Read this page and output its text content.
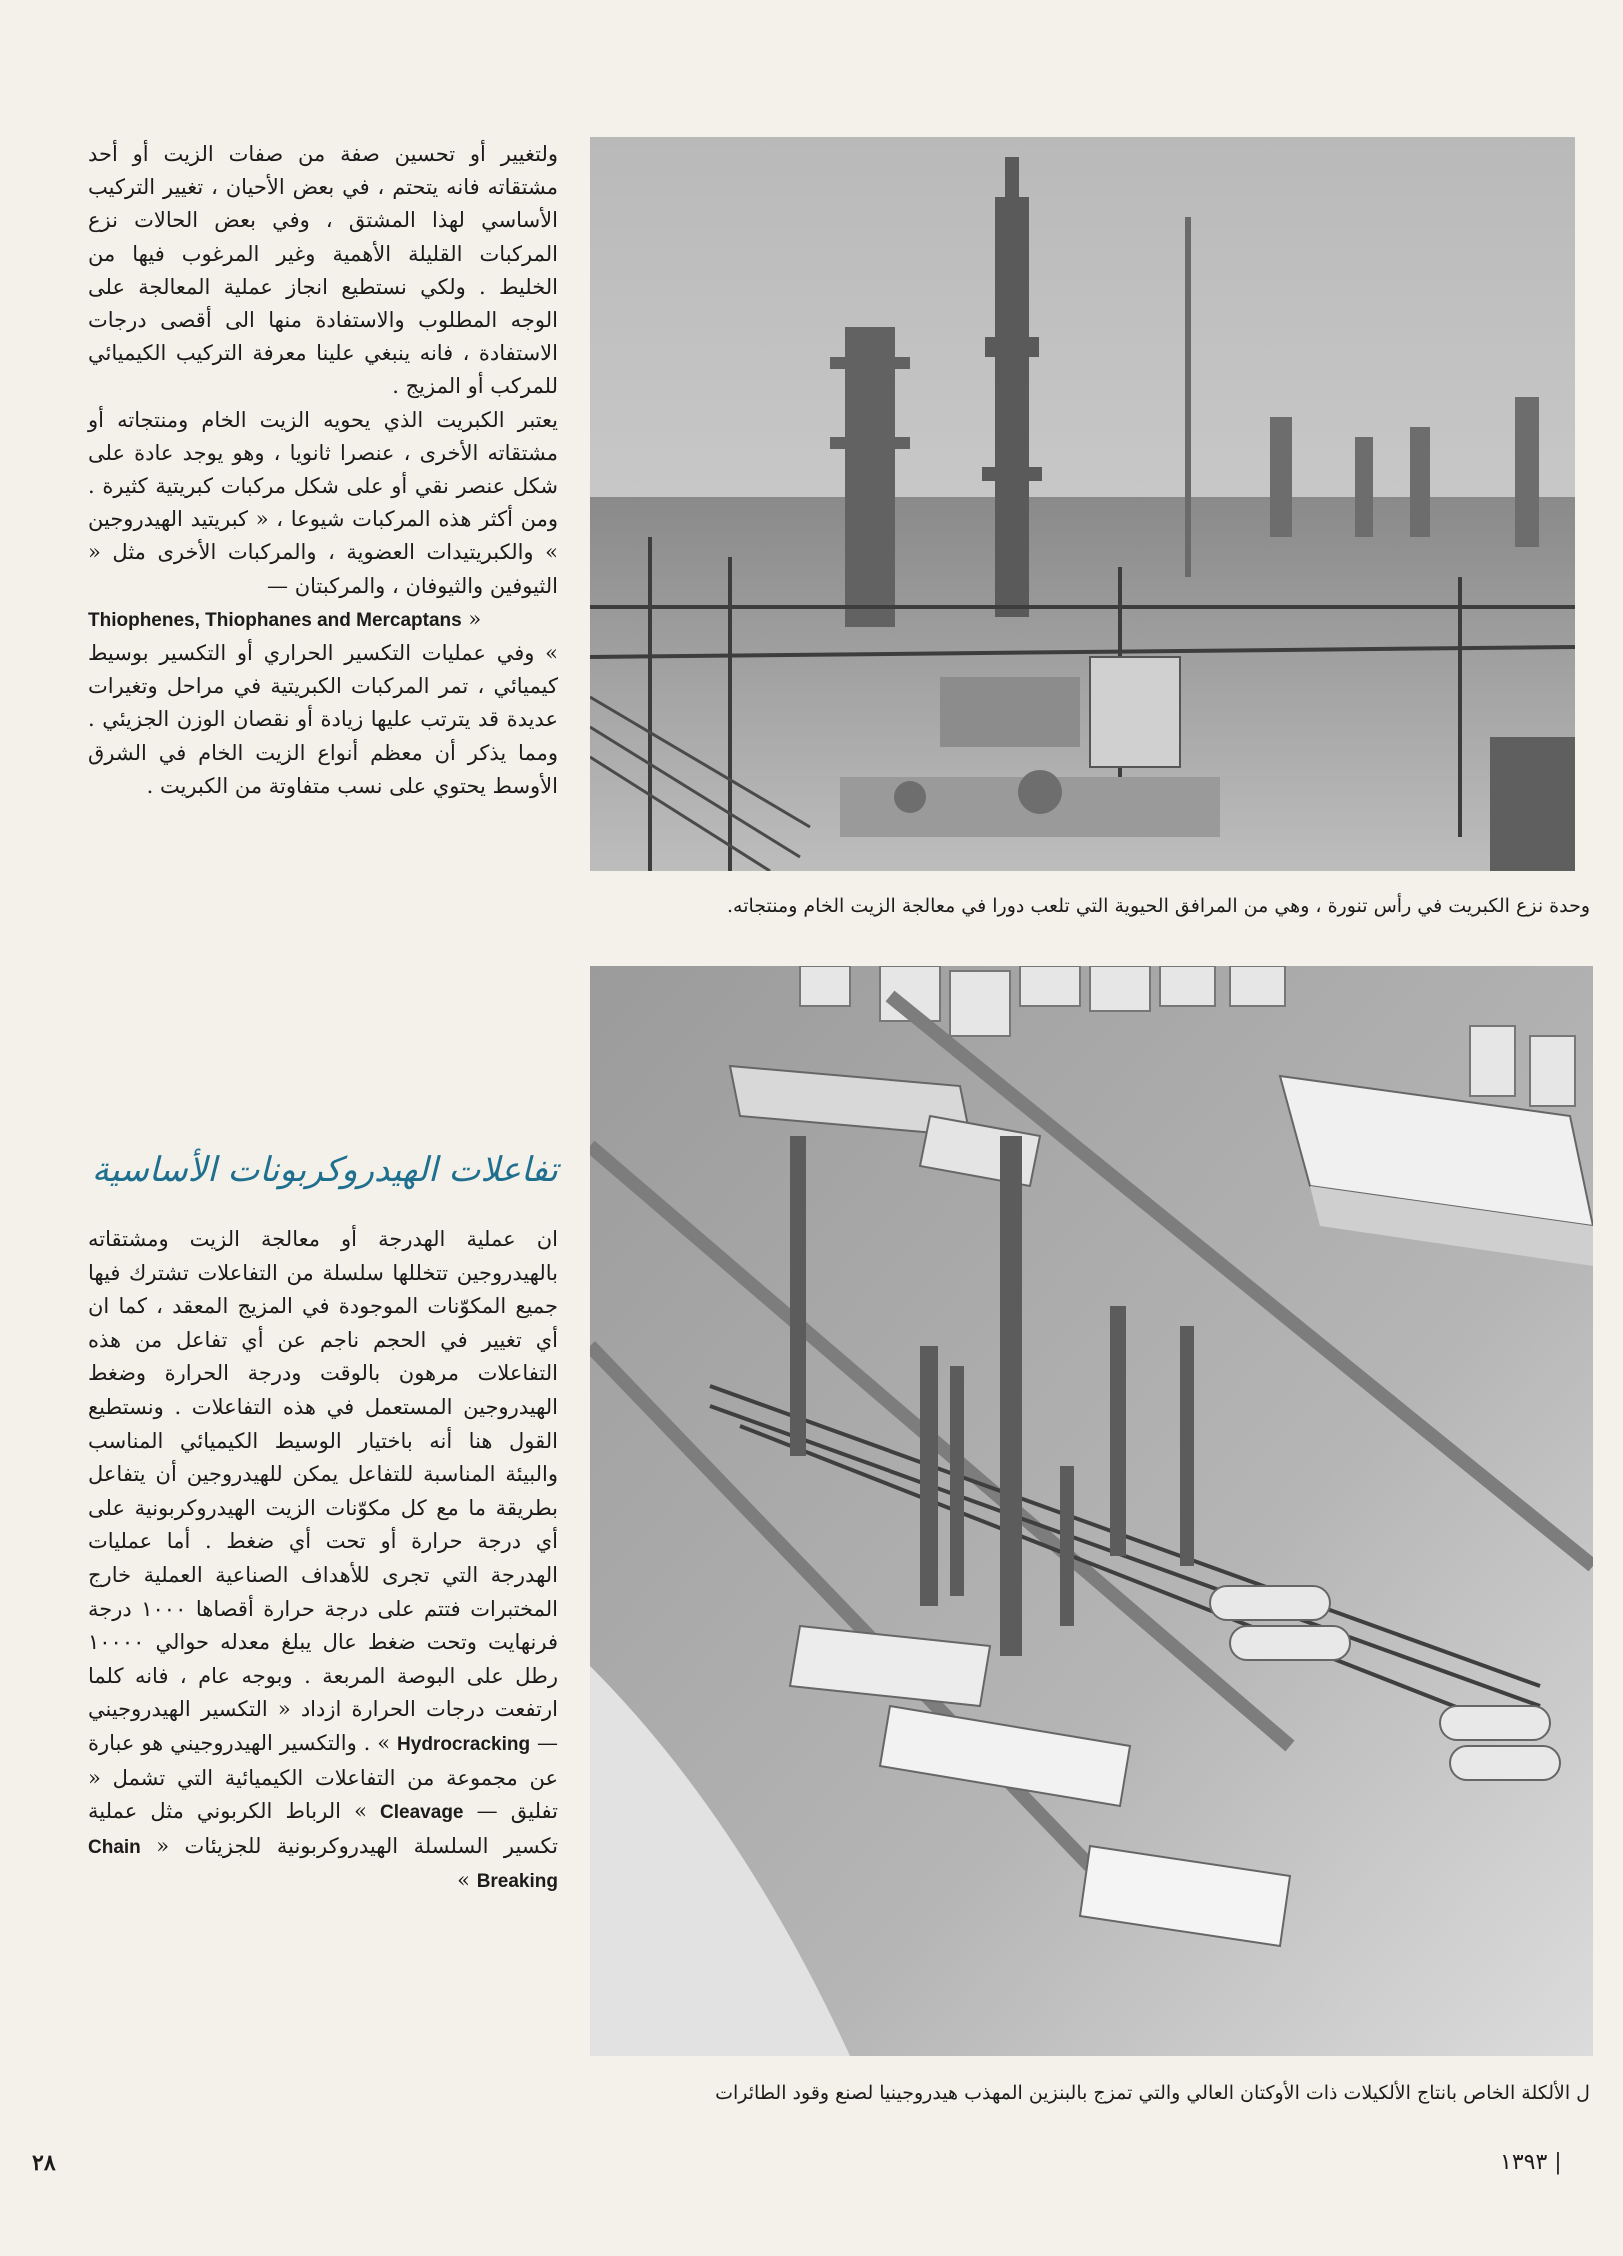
وحدة نزع الكبريت في رأس تنورة ، وهي من المرافق الحيوية التي تلعب دورا في معالجة الزيت الخام ومنتجاته.
ل الألكلة الخاص بانتاج الألكيلات ذات الأوكتان العالي والتي تمزج بالبنزين المهذب هيدروجينيا لصنع وقود الطائرات

ولتغيير أو تحسين صفة من صفات الزيت أو أحد مشتقاته فانه يتحتم ، في بعض الأحيان ، تغيير التركيب الأساسي لهذا المشتق ، وفي بعض الحالات نزع المركبات القليلة الأهمية وغير المرغوب فيها من الخليط . ولكي نستطيع انجاز عملية المعالجة على الوجه المطلوب والاستفادة منها الى أقصى درجات الاستفادة ، فانه ينبغي علينا معرفة التركيب الكيميائي للمركب أو المزيج .

يعتبر الكبريت الذي يحويه الزيت الخام ومنتجاته أو مشتقاته الأخرى ، عنصرا ثانويا ، وهو يوجد عادة على شكل عنصر نقي أو على شكل مركبات كبريتية كثيرة . ومن أكثر هذه المركبات شيوعا ، « كبريتيد الهيدروجين » والكبريتيدات العضوية ، والمركبات الأخرى مثل « الثيوفين والثيوفان ، والمركبتان —

Thiophenes, Thiophanes and Mercaptans »

» وفي عمليات التكسير الحراري أو التكسير بوسيط كيميائي ، تمر المركبات الكبريتية في مراحل وتغيرات عديدة قد يترتب عليها زيادة أو نقصان الوزن الجزيئي . ومما يذكر أن معظم أنواع الزيت الخام في الشرق الأوسط يحتوي على نسب متفاوتة من الكبريت .

تفاعلات الهيدروكربونات الأساسية

ان عملية الهدرجة أو معالجة الزيت ومشتقاته بالهيدروجين تتخللها سلسلة من التفاعلات تشترك فيها جميع المكوّنات الموجودة في المزيج المعقد ، كما ان أي تغيير في الحجم ناجم عن أي تفاعل من هذه التفاعلات مرهون بالوقت ودرجة الحرارة وضغط الهيدروجين المستعمل في هذه التفاعلات . ونستطيع القول هنا أنه باختيار الوسيط الكيميائي المناسب والبيئة المناسبة للتفاعل يمكن للهيدروجين أن يتفاعل بطريقة ما مع كل مكوّنات الزيت الهيدروكربونية على أي درجة حرارة أو تحت أي ضغط . أما عمليات الهدرجة التي تجرى للأهداف الصناعية العملية خارج المختبرات فتتم على درجة حرارة أقصاها ١٠٠٠ درجة فرنهايت وتحت ضغط عال يبلغ معدله حوالي ١٠٠٠٠ رطل على البوصة المربعة . وبوجه عام ، فانه كلما ارتفعت درجات الحرارة ازداد « التكسير الهيدروجيني — Hydrocracking » . والتكسير الهيدروجيني هو عبارة عن مجموعة من التفاعلات الكيميائية التي تشمل « تفليق — Cleavage » الرباط الكربوني مثل عملية تكسير السلسلة الهيدروكربونية للجزيئات « Chain Breaking »

٢٨	١٣٩٣ |
